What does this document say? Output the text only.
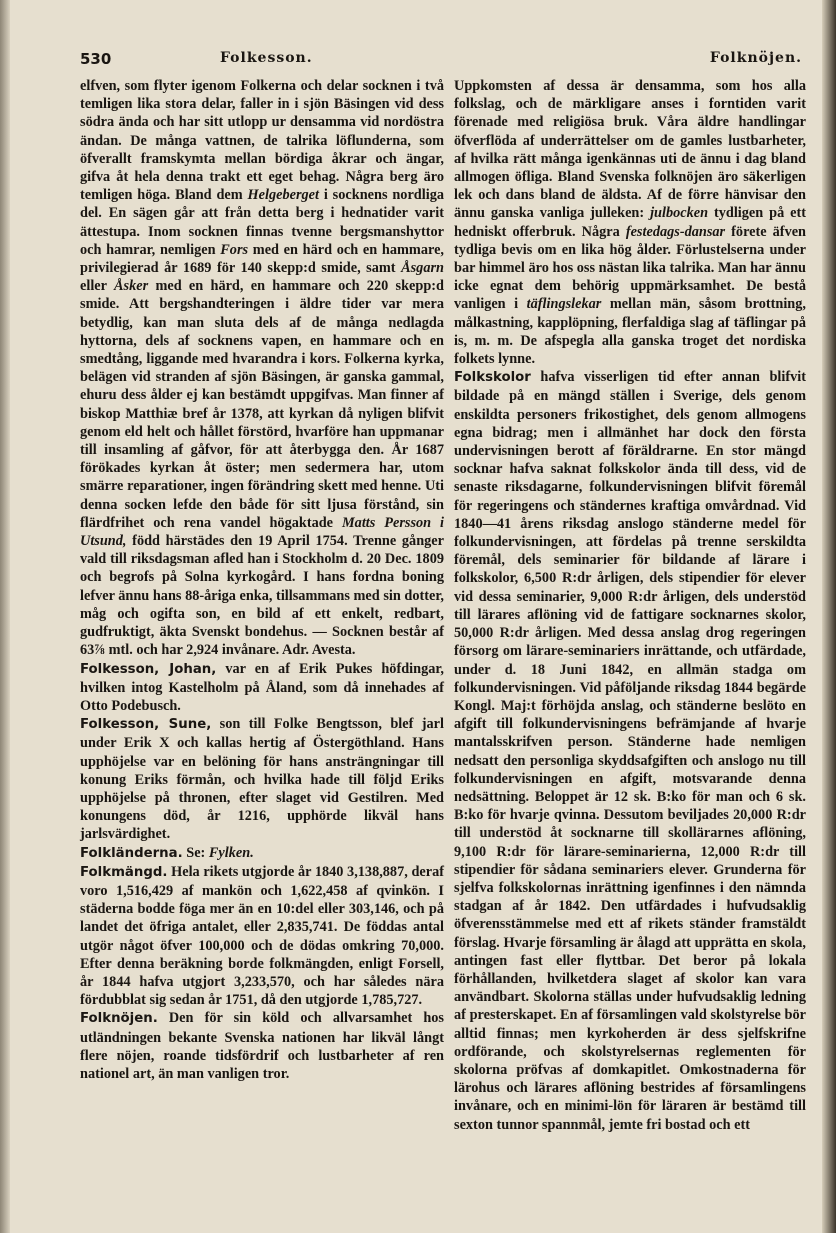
530	Folkesson.	Folknöjen.

elfven, som flyter igenom Folkerna och delar socknen i två temligen lika stora delar, faller in i sjön Bäsingen vid dess södra ända och har sitt utlopp ur densamma vid nordöstra ändan. De många vattnen, de talrika löflunderna, som öfverallt framskymta mellan bördiga åkrar och ängar, gifva åt hela denna trakt ett eget behag. Några berg äro temligen höga. Bland dem Helgeberget i socknens nordliga del. En sägen går att från detta berg i hednatider varit ättestupa. Inom socknen finnas tvenne bergsmanshyttor och hamrar, nemligen Fors med en härd och en hammare, privilegierad år 1689 för 140 skepp:d smide, samt Åsgarn eller Åsker med en härd, en hammare och 220 skepp:d smide. Att bergshandteringen i äldre tider var mera betydlig, kan man sluta dels af de många nedlagda hyttorna, dels af socknens vapen, en hammare och en smedtång, liggande med hvarandra i kors. Folkerna kyrka, belägen vid stranden af sjön Bäsingen, är ganska gammal, ehuru dess ålder ej kan bestämdt uppgifvas. Man finner af biskop Matthiæ bref år 1378, att kyrkan då nyligen blifvit genom eld helt och hållet förstörd, hvarföre han uppmanar till insamling af gåfvor, för att återbygga den. År 1687 förökades kyrkan åt öster; men sedermera har, utom smärre reparationer, ingen förändring skett med henne. Uti denna socken lefde den både för sitt ljusa förstånd, sin flärdfrihet och rena vandel högaktade Matts Persson i Utsund, född härstädes den 19 April 1754. Trenne gånger vald till riksdagsman afled han i Stockholm d. 20 Dec. 1809 och begrofs på Solna kyrkogård. I hans fordna boning lefver ännu hans 88-åriga enka, tillsammans med sin dotter, måg och ogifta son, en bild af ett enkelt, redbart, gudfruktigt, äkta Svenskt bondehus. — Socknen består af 63⅞ mtl. och har 2,924 invånare. Adr. Avesta.

Folkesson, Johan, var en af Erik Pukes höfdingar, hvilken intog Kastelholm på Åland, som då innehades af Otto Podebusch.

Folkesson, Sune, son till Folke Bengtsson, blef jarl under Erik X och kallas hertig af Östergöthland. Hans upphöjelse var en belöning för hans ansträngningar till konung Eriks förmån, och hvilka hade till följd Eriks upphöjelse på thronen, efter slaget vid Gestilren. Med konungens död, år 1216, upphörde likväl hans jarlsvärdighet.

Folkländerna. Se: Fylken.

Folkmängd. Hela rikets utgjorde år 1840 3,138,887, deraf voro 1,516,429 af mankön och 1,622,458 af qvinkön. I städerna bodde föga mer än en 10:del eller 303,146, och på landet det öfriga antalet, eller 2,835,741. De föddas antal utgör något öfver 100,000 och de dödas omkring 70,000. Efter denna beräkning borde folkmängden, enligt Forsell, år 1844 hafva utgjort 3,233,570, och har således nära fördubblat sig sedan år 1751, då den utgjorde 1,785,727.

Folknöjen. Den för sin köld och allvarsamhet hos utländningen bekante Svenska nationen har likväl långt flere nöjen, roande tidsfördrif och lustbarheter af ren nationel art, än man vanligen tror.

Uppkomsten af dessa är densamma, som hos alla folkslag, och de märkligare anses i forntiden varit förenade med religiösa bruk. Våra äldre handlingar öfverflöda af underrättelser om de gamles lustbarheter, af hvilka rätt många igenkännas uti de ännu i dag bland allmogen öfliga. Bland Svenska folknöjen äro säkerligen lek och dans bland de äldsta. Af de förre hänvisar den ännu ganska vanliga julleken: julbocken tydligen på ett hedniskt offerbruk. Några festedags-dansar förete äfven tydliga bevis om en lika hög ålder. Förlustelserna under bar himmel äro hos oss nästan lika talrika. Man har ännu icke egnat dem behörig uppmärksamhet. De bestå vanligen i täflingslekar mellan män, såsom brottning, målkastning, kapplöpning, flerfaldiga slag af täflingar på is, m. m. De afspegla alla ganska troget det nordiska folkets lynne.

Folkskolor hafva visserligen tid efter annan blifvit bildade på en mängd ställen i Sverige, dels genom enskildta personers frikostighet, dels genom allmogens egna bidrag; men i allmänhet har dock den första undervisningen berott af föräldrarne. En stor mängd socknar hafva saknat folkskolor ända till dess, vid de senaste riksdagarne, folkundervisningen blifvit föremål för regeringens och ständernes kraftiga omvårdnad. Vid 1840—41 årens riksdag anslogo ständerne medel för folkundervisningen, att fördelas på trenne serskildta föremål, dels seminarier för bildande af lärare i folkskolor, 6,500 R:dr årligen, dels stipendier för elever vid dessa seminarier, 9,000 R:dr årligen, dels understöd till lärares aflöning vid de fattigare socknarnes skolor, 50,000 R:dr årligen. Med dessa anslag drog regeringen försorg om lärare-seminariers inrättande, och utfärdade, under d. 18 Juni 1842, en allmän stadga om folkundervisningen. Vid påföljande riksdag 1844 begärde Kongl. Maj:t förhöjda anslag, och ständerne beslöto en afgift till folkundervisningens befrämjande af hvarje mantalsskrifven person. Ständerne hade nemligen nedsatt den personliga skyddsafgiften och anslogo nu till folkundervisningen en afgift, motsvarande denna nedsättning. Beloppet är 12 sk. B:ko för man och 6 sk. B:ko för hvarje qvinna. Dessutom beviljades 20,000 R:dr till understöd åt socknarne till skollärarnes aflöning, 9,100 R:dr för lärare-seminarierna, 12,000 R:dr till stipendier för sådana seminariers elever. Grunderna för sjelfva folkskolornas inrättning igenfinnes i den nämnda stadgan af år 1842. Den utfärdades i hufvudsaklig öfverensstämmelse med ett af rikets ständer framstäldt förslag. Hvarje församling är ålagd att upprätta en skola, antingen fast eller flyttbar. Det beror på lokala förhållanden, hvilketdera slaget af skolor kan vara användbart. Skolorna ställas under hufvudsaklig ledning af presterskapet. En af församlingen vald skolstyrelse bör alltid finnas; men kyrkoherden är dess sjelfskrifne ordförande, och skolstyrelsernas reglementen för skolorna pröfvas af domkapitlet. Omkostnaderna för lärohus och lärares aflöning bestrides af församlingens invånare, och en minimi-lön för läraren är bestämd till sexton tunnor spannmål, jemte fri bostad och ett
